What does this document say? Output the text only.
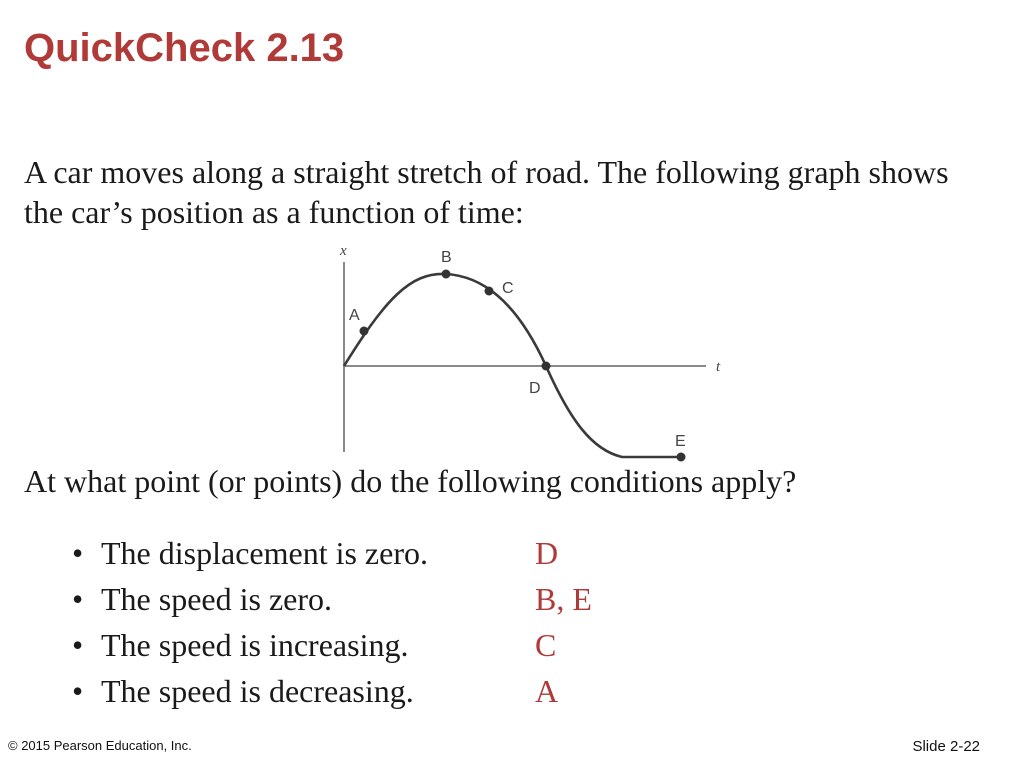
QuickCheck 2.13

A car moves along a straight stretch of road. The following graph shows the car’s position as a function of time:

x
t
A
B
C
D
E

At what point (or points) do the following conditions apply?

• The displacement is zero.	D
• The speed is zero.	B, E
• The speed is increasing.	C
• The speed is decreasing.	A
© 2015 Pearson Education, Inc.	Slide 2-22
